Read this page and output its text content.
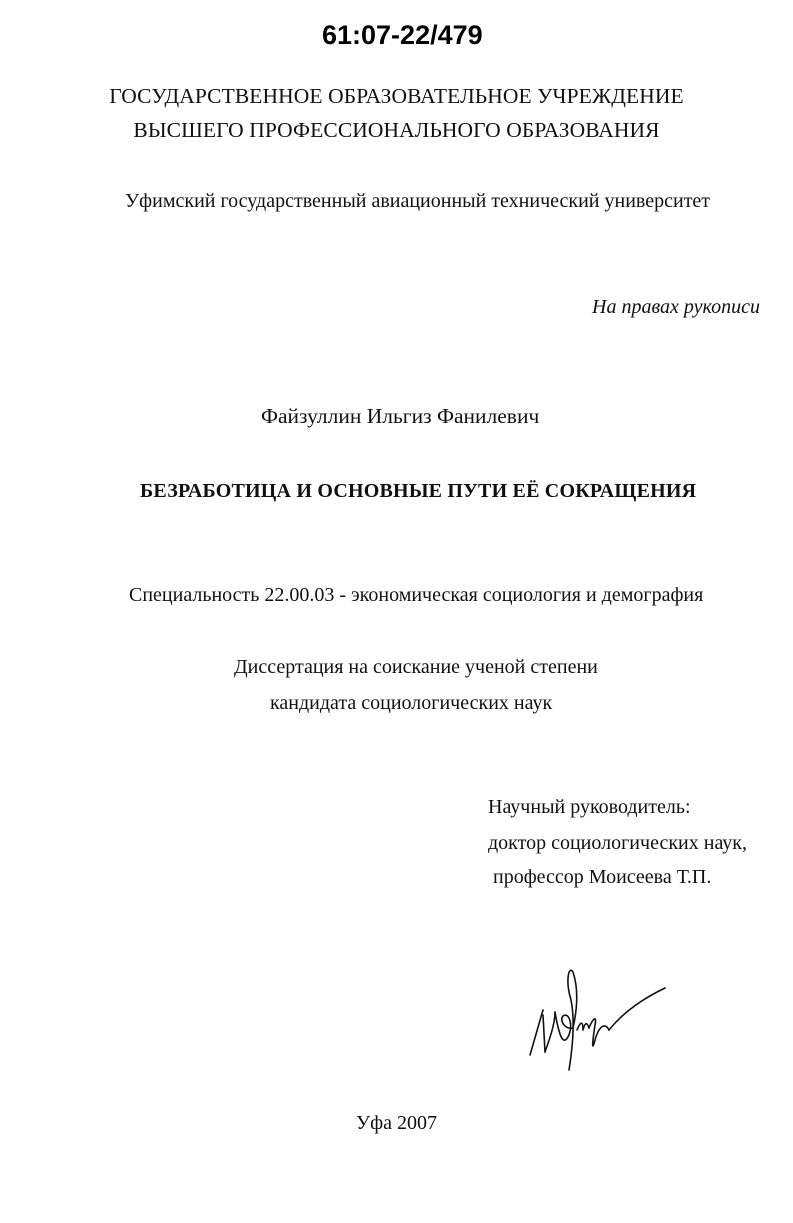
61:07-22/479
ГОСУДАРСТВЕННОЕ ОБРАЗОВАТЕЛЬНОЕ УЧРЕЖДЕНИЕ
ВЫСШЕГО ПРОФЕССИОНАЛЬНОГО ОБРАЗОВАНИЯ
Уфимский государственный авиационный технический университет
На правах рукописи
Файзуллин Ильгиз Фанилевич
БЕЗРАБОТИЦА И ОСНОВНЫЕ ПУТИ ЕЁ СОКРАЩЕНИЯ
Специальность 22.00.03 - экономическая социология и демография
Диссертация на соискание ученой степени
кандидата социологических наук
Научный руководитель:
доктор социологических наук,
профессор Моисеева Т.П.
Уфа 2007
